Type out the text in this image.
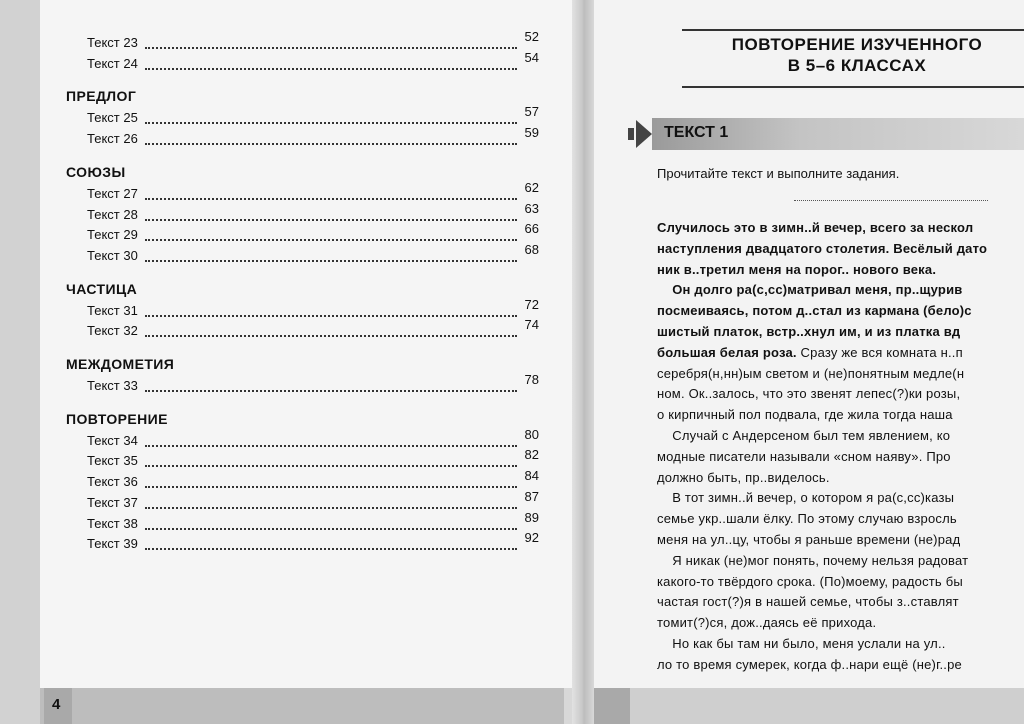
Текст 23	52
Текст 24	54
ПРЕДЛОГ
Текст 25	57
Текст 26	59
СОЮЗЫ
Текст 27	62
Текст 28	63
Текст 29	66
Текст 30	68
ЧАСТИЦА
Текст 31	72
Текст 32	74
МЕЖДОМЕТИЯ
Текст 33	78
ПОВТОРЕНИЕ
Текст 34	80
Текст 35	82
Текст 36	84
Текст 37	87
Текст 38	89
Текст 39	92
4
ПОВТОРЕНИЕ ИЗУЧЕННОГО
В 5–6 КЛАССАХ
ТЕКСТ 1
Прочитайте текст и выполните задания.
Случилось это в зимн..й вечер, всего за нескол
наступления двадцатого столетия. Весёлый дато
ник в..третил меня на порог.. нового века.
Он долго ра(с,сс)матривал меня, пр..щурив
посмеиваясь, потом д..стал из кармана (бело)с
шистый платок, встр..хнул им, и из платка вд
большая белая роза. Сразу же вся комната н..п
серебря(н,нн)ым светом и (не)понятным медле(н
ном. Ок..залось, что это звенят лепес(?)ки розы,
о кирпичный пол подвала, где жила тогда наша
Случай с Андерсеном был тем явлением, ко
модные писатели называли «сном наяву». Про
должно быть, пр..виделось.
В тот зимн..й вечер, о котором я ра(с,сс)казы
семье укр..шали ёлку. По этому случаю взросль
меня на ул..цу, чтобы я раньше времени (не)рад
Я никак (не)мог понять, почему нельзя радоват
какого-то твёрдого срока. (По)моему, радость бы
частая гост(?)я в нашей семье, чтобы з..ставлят
томит(?)ся, дож..даясь её прихода.
Но как бы там ни было, меня услали на ул..
ло то время сумерек, когда ф..нари ещё (не)г..ре
